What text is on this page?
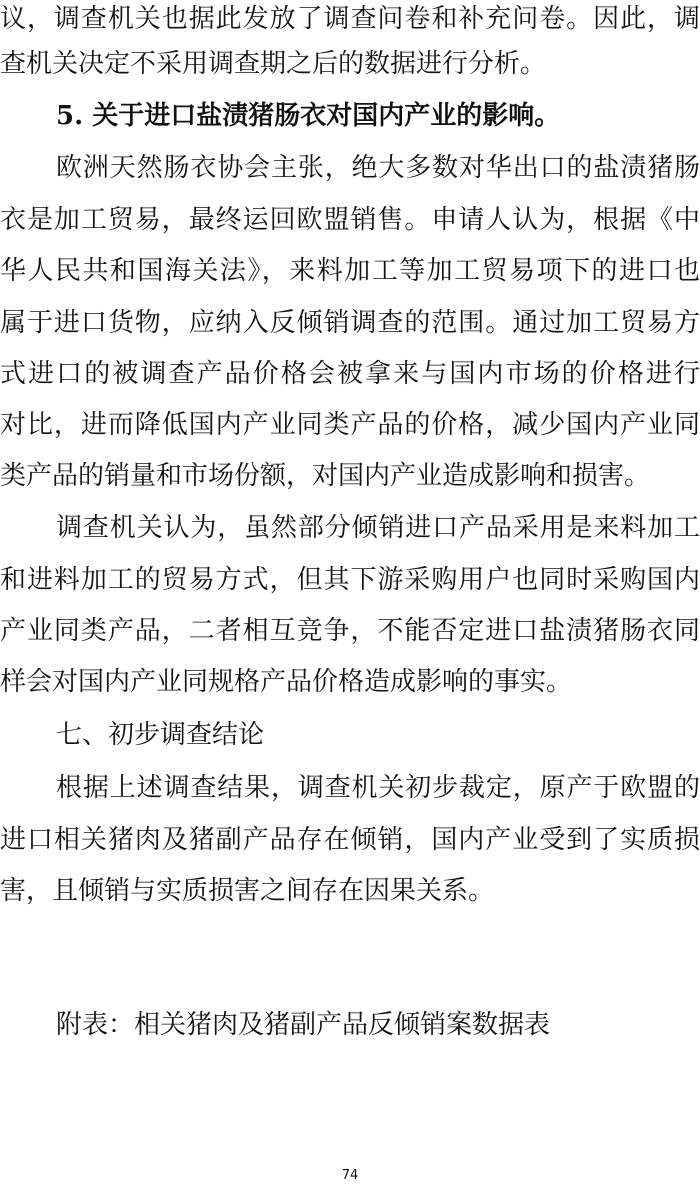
议，调查机关也据此发放了调查问卷和补充问卷。因此，调
查机关决定不采用调查期之后的数据进行分析。
5. 关于进口盐渍猪肠衣对国内产业的影响。
欧洲天然肠衣协会主张，绝大多数对华出口的盐渍猪肠
衣是加工贸易，最终运回欧盟销售。申请人认为，根据《中
华人民共和国海关法》，来料加工等加工贸易项下的进口也
属于进口货物，应纳入反倾销调查的范围。通过加工贸易方
式进口的被调查产品价格会被拿来与国内市场的价格进行
对比，进而降低国内产业同类产品的价格，减少国内产业同
类产品的销量和市场份额，对国内产业造成影响和损害。
调查机关认为，虽然部分倾销进口产品采用是来料加工
和进料加工的贸易方式，但其下游采购用户也同时采购国内
产业同类产品，二者相互竞争，不能否定进口盐渍猪肠衣同
样会对国内产业同规格产品价格造成影响的事实。
七、初步调查结论
根据上述调查结果，调查机关初步裁定，原产于欧盟的
进口相关猪肉及猪副产品存在倾销，国内产业受到了实质损
害，且倾销与实质损害之间存在因果关系。
附表：相关猪肉及猪副产品反倾销案数据表
74
